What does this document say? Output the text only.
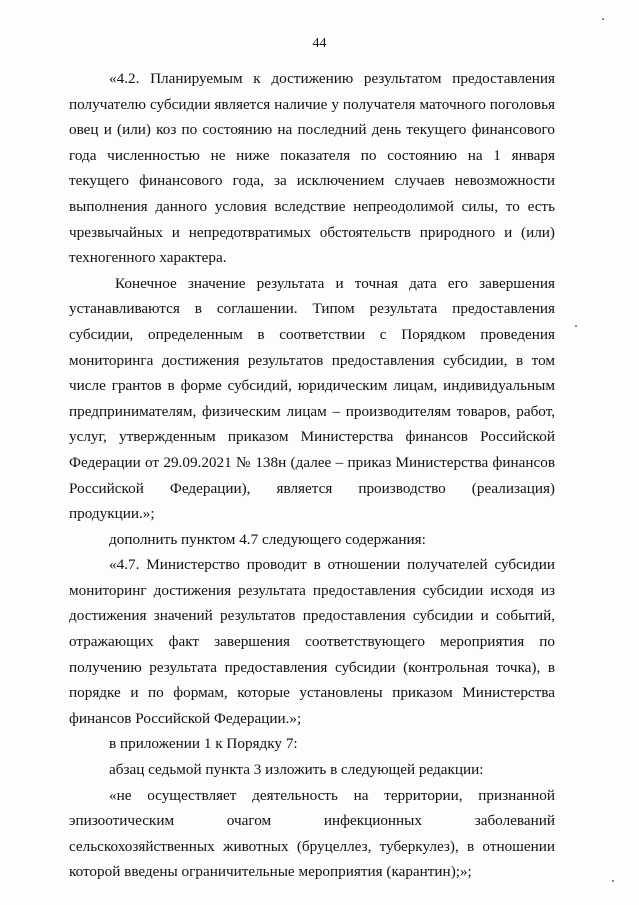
44

«4.2. Планируемым к достижению результатом предоставления получателю субсидии является наличие у получателя маточного поголовья овец и (или) коз по состоянию на последний день текущего финансового года численностью не ниже показателя по состоянию на 1 января текущего финансового года, за исключением случаев невозможности выполнения данного условия вследствие непреодолимой силы, то есть чрезвычайных и непредотвратимых обстоятельств природного и (или) техногенного характера.

Конечное значение результата и точная дата его завершения устанавливаются в соглашении. Типом результата предоставления субсидии, определенным в соответствии с Порядком проведения мониторинга достижения результатов предоставления субсидии, в том числе грантов в форме субсидий, юридическим лицам, индивидуальным предпринимателям, физическим лицам – производителям товаров, работ, услуг, утвержденным приказом Министерства финансов Российской Федерации от 29.09.2021 № 138н (далее – приказ Министерства финансов Российской Федерации), является производство (реализация) продукции.»;

дополнить пунктом 4.7 следующего содержания:

«4.7. Министерство проводит в отношении получателей субсидии мониторинг достижения результата предоставления субсидии исходя из достижения значений результатов предоставления субсидии и событий, отражающих факт завершения соответствующего мероприятия по получению результата предоставления субсидии (контрольная точка), в порядке и по формам, которые установлены приказом Министерства финансов Российской Федерации.»;

в приложении 1 к Порядку 7:

абзац седьмой пункта 3 изложить в следующей редакции:

«не осуществляет деятельность на территории, признанной эпизоотическим очагом инфекционных заболеваний сельскохозяйственных животных (бруцеллез, туберкулез), в отношении которой введены ограничительные мероприятия (карантин);»;
